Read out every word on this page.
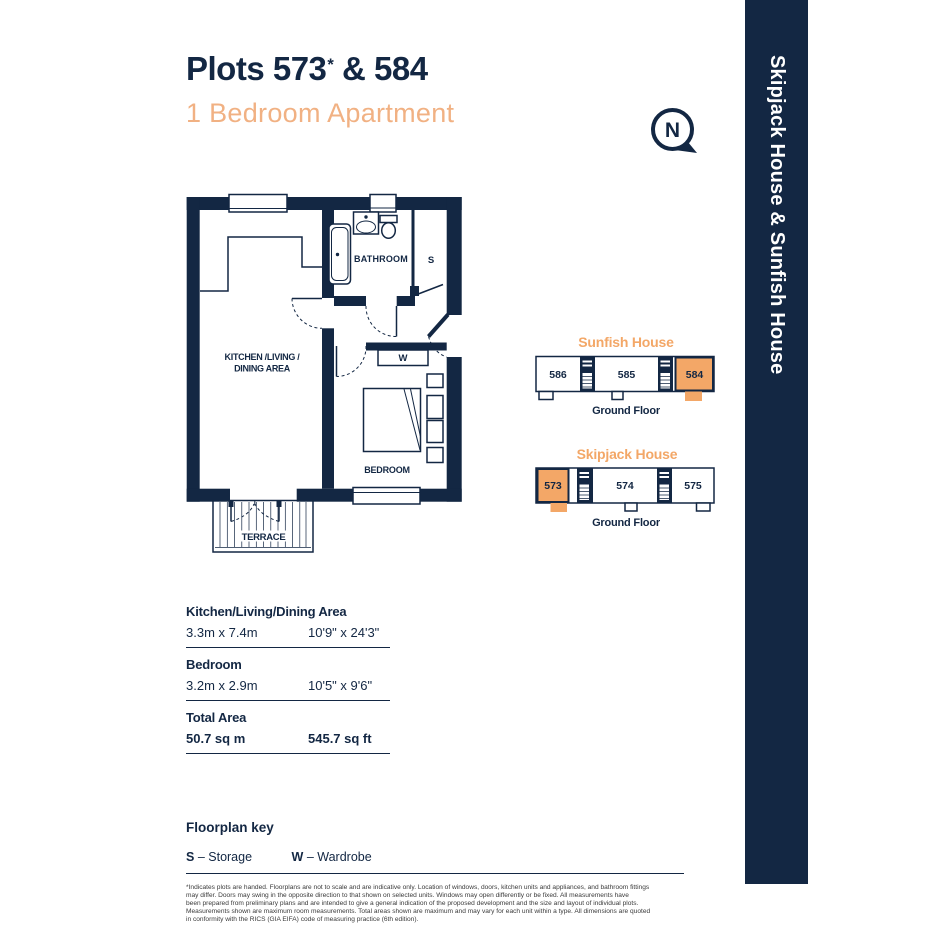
Plots 573* & 584
1 Bedroom Apartment
N	Skipjack House & Sunfish House
KITCHEN /LIVING /
DINING AREA
BATHROOM S
W
BEDROOM
TERRACE
Sunfish House
586	585	584
Ground Floor
Skipjack House
573	574	575
Ground Floor
Kitchen/Living/Dining Area
3.3m x 7.4m	10'9" x 24'3"
Bedroom
3.2m x 2.9m	10'5" x 9'6"
Total Area
50.7 sq m	545.7 sq ft
Floorplan key
S – Storage	W – Wardrobe
*Indicates plots are handed. Floorplans are not to scale and are indicative only. Location of windows, doors, kitchen units and appliances, and bathroom fittings
may differ. Doors may swing in the opposite direction to that shown on selected units. Windows may open differently or be fixed. All measurements have
been prepared from preliminary plans and are intended to give a general indication of the proposed development and the size and layout of individual plots.
Measurements shown are maximum room measurements. Total areas shown are maximum and may vary for each unit within a type. All dimensions are quoted
in conformity with the RICS (GIA EIFA) code of measuring practice (6th edition).
